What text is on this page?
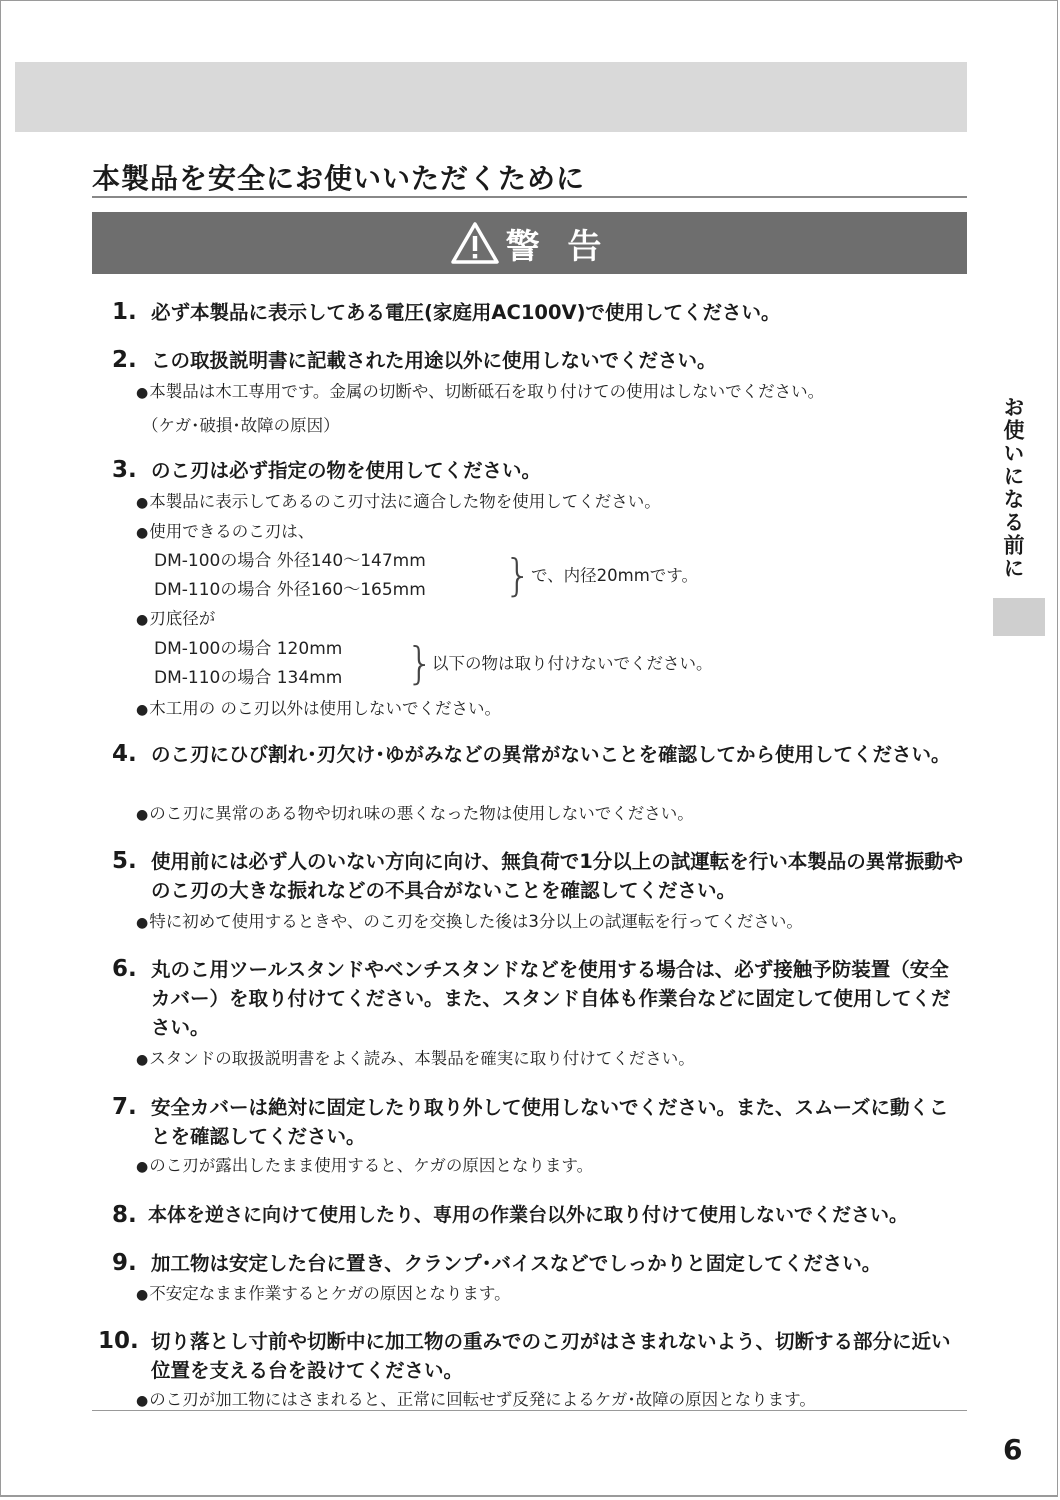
本製品を安全にお使いいただくために
警 告
1. 必ず本製品に表示してある電圧(家庭用AC100V)で使用してください。

2. この取扱説明書に記載された用途以外に使用しないでください。

●本製品は木工専用です。金属の切断や、切断砥石を取り付けての使用はしないでください。
（ケガ･破損･故障の原因）
3. のこ刃は必ず指定の物を使用してください。

●本製品に表示してあるのこ刃寸法に適合した物を使用してください。
●使用できるのこ刃は、
DM-100の場合 外径140～147mm
DM-110の場合 外径160～165mm } で、内径20mmです。
●刃底径が
DM-100の場合 120mm
DM-110の場合 134mm }
以下の物は取り付けないでください。
●木工用の のこ刃以外は使用しないでください。
4. のこ刃にひび割れ･刃欠け･ゆがみなどの異常がないことを確認してから使用してください。

●のこ刃に異常のある物や切れ味の悪くなった物は使用しないでください。
5. 使用前には必ず人のいない方向に向け、無負荷で1分以上の試運転を行い本製品の異常振動やのこ刃の大きな振れなどの不具合がないことを確認してください。

●特に初めて使用するときや、のこ刃を交換した後は3分以上の試運転を行ってください。
6. 丸のこ用ツールスタンドやベンチスタンドなどを使用する場合は、必ず接触予防装置（安全カバー）を取り付けてください。また、スタンド自体も作業台などに固定して使用してください。

●スタンドの取扱説明書をよく読み、本製品を確実に取り付けてください。
7. 安全カバーは絶対に固定したり取り外して使用しないでください。また、スムーズに動くことを確認してください。

●のこ刃が露出したまま使用すると、ケガの原因となります。
8. 本体を逆さに向けて使用したり、専用の作業台以外に取り付けて使用しないでください。

9. 加工物は安定した台に置き、クランプ･バイスなどでしっかりと固定してください。

●不安定なまま作業するとケガの原因となります。
10. 切り落とし寸前や切断中に加工物の重みでのこ刃がはさまれないよう、切断する部分に近い位置を支える台を設けてください。

●のこ刃が加工物にはさまれると、正常に回転せず反発によるケガ･故障の原因となります。
お使いになる前に
6
